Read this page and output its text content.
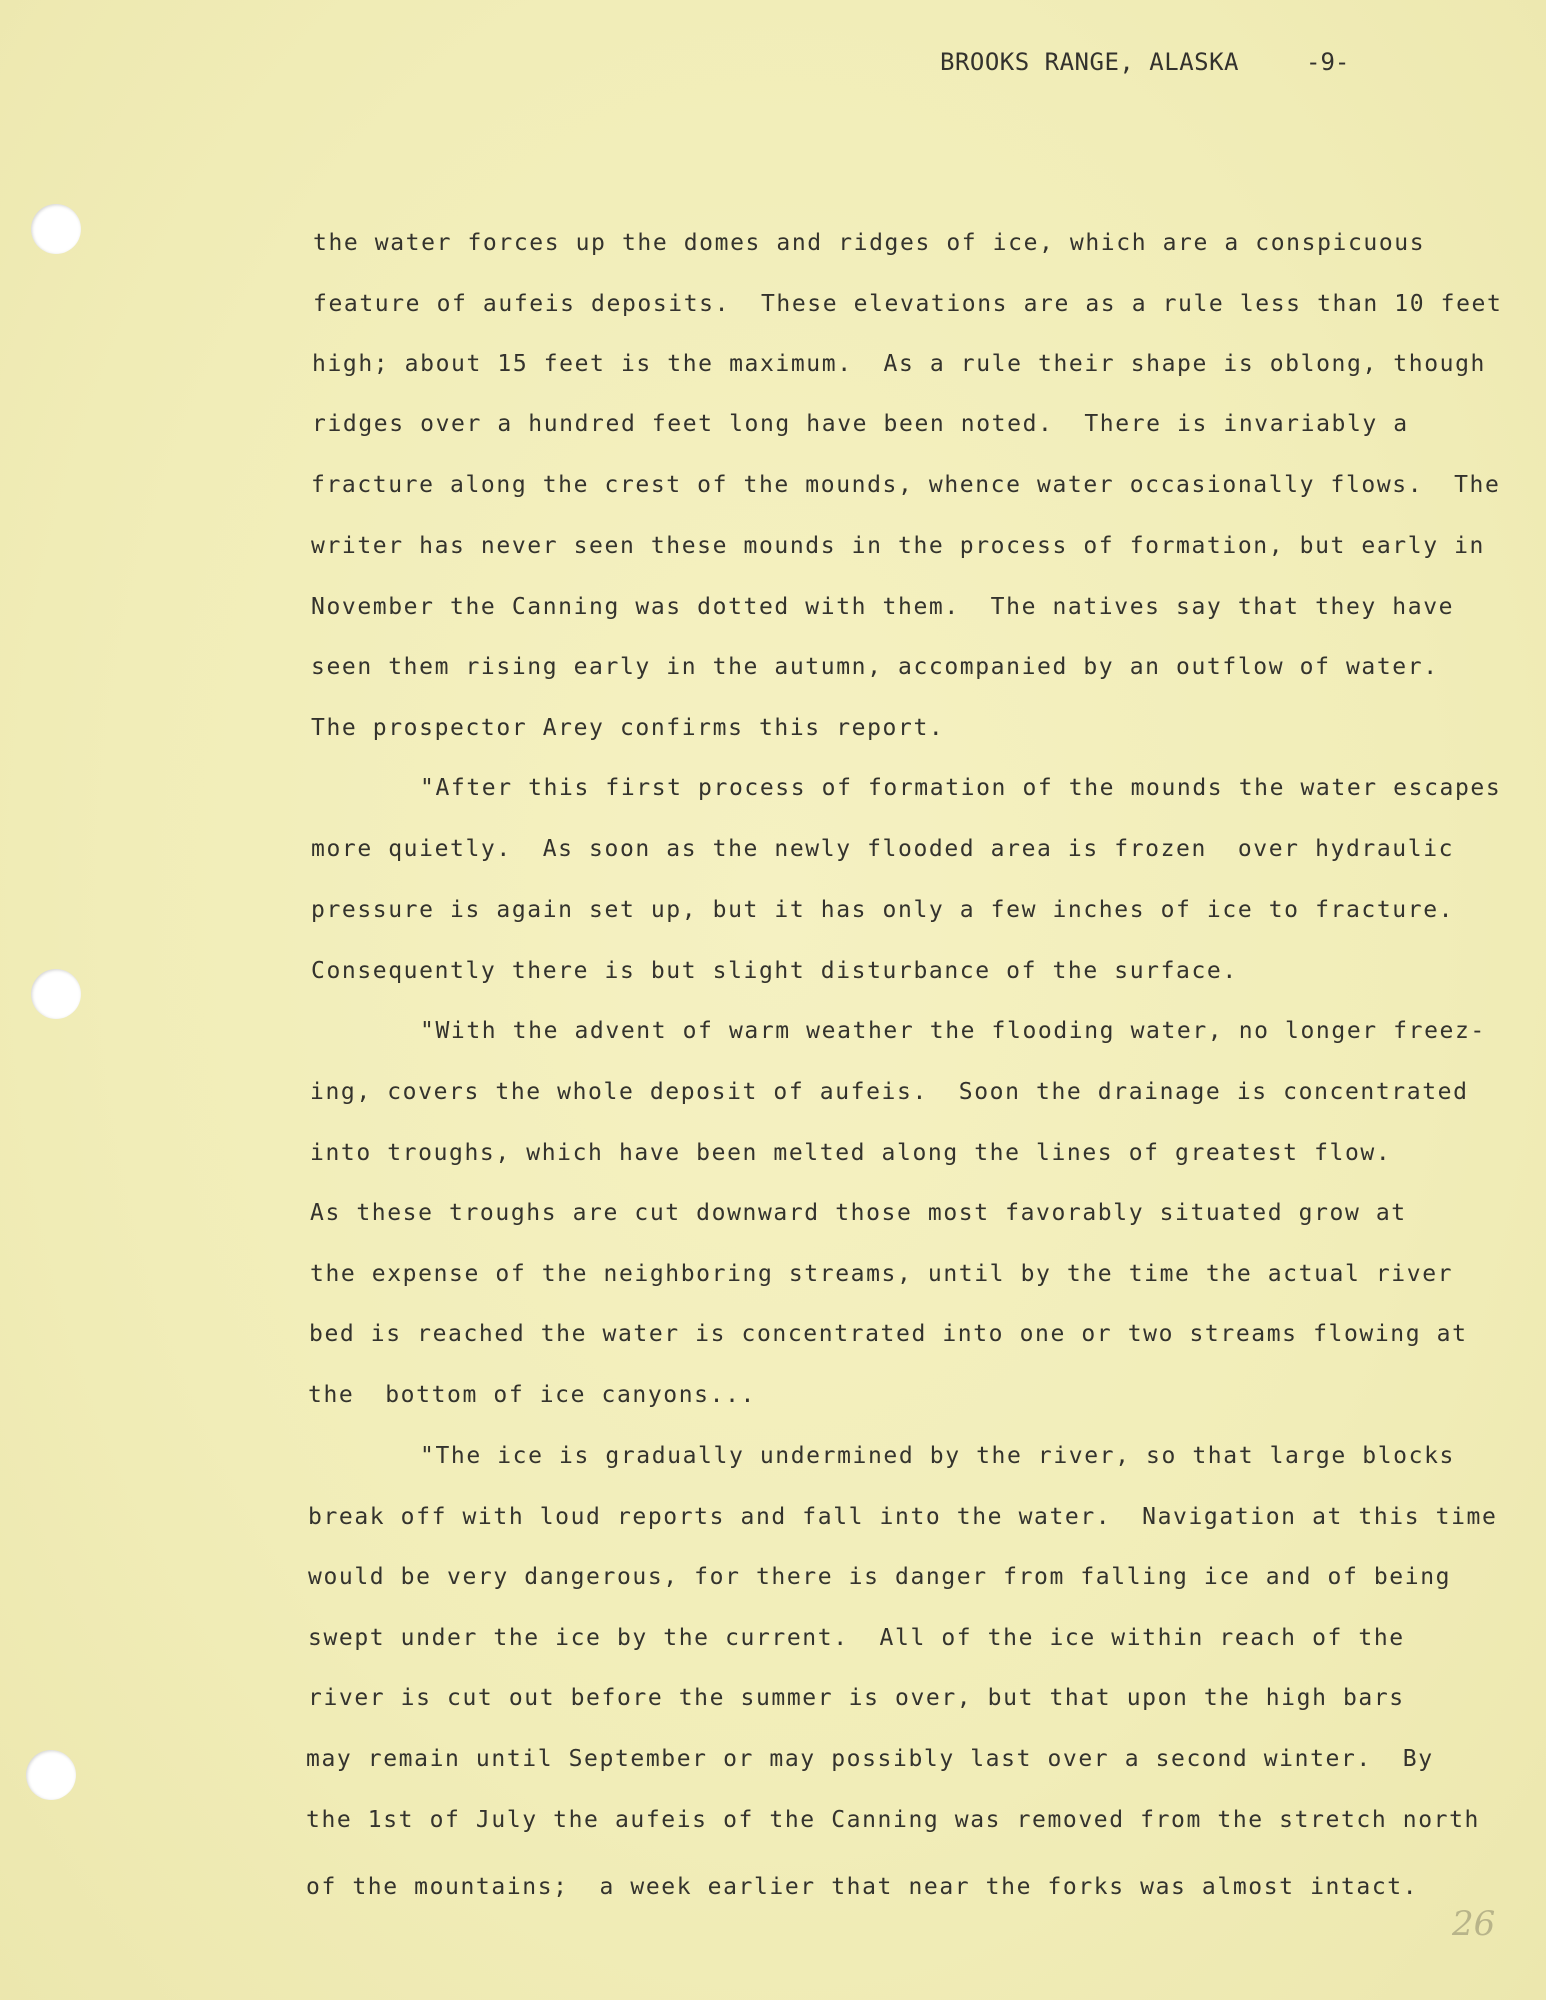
BROOKS RANGE, ALASKA	-9-
the water forces up the domes and ridges of ice, which are a conspicuous
feature of aufeis deposits.  These elevations are as a rule less than 10 feet
high; about 15 feet is the maximum.  As a rule their shape is oblong, though
ridges over a hundred feet long have been noted.  There is invariably a
fracture along the crest of the mounds, whence water occasionally flows.  The
writer has never seen these mounds in the process of formation, but early in
November the Canning was dotted with them.  The natives say that they have
seen them rising early in the autumn, accompanied by an outflow of water.
The prospector Arey confirms this report.
"After this first process of formation of the mounds the water escapes
more quietly.  As soon as the newly flooded area is frozen  over hydraulic
pressure is again set up, but it has only a few inches of ice to fracture.
Consequently there is but slight disturbance of the surface.
"With the advent of warm weather the flooding water, no longer freez-
ing, covers the whole deposit of aufeis.  Soon the drainage is concentrated
into troughs, which have been melted along the lines of greatest flow.
As these troughs are cut downward those most favorably situated grow at
the expense of the neighboring streams, until by the time the actual river
bed is reached the water is concentrated into one or two streams flowing at
the  bottom of ice canyons...
"The ice is gradually undermined by the river, so that large blocks
break off with loud reports and fall into the water.  Navigation at this time
would be very dangerous, for there is danger from falling ice and of being
swept under the ice by the current.  All of the ice within reach of the
river is cut out before the summer is over, but that upon the high bars
may remain until September or may possibly last over a second winter.  By
the 1st of July the aufeis of the Canning was removed from the stretch north
of the mountains;  a week earlier that near the forks was almost intact.
26
